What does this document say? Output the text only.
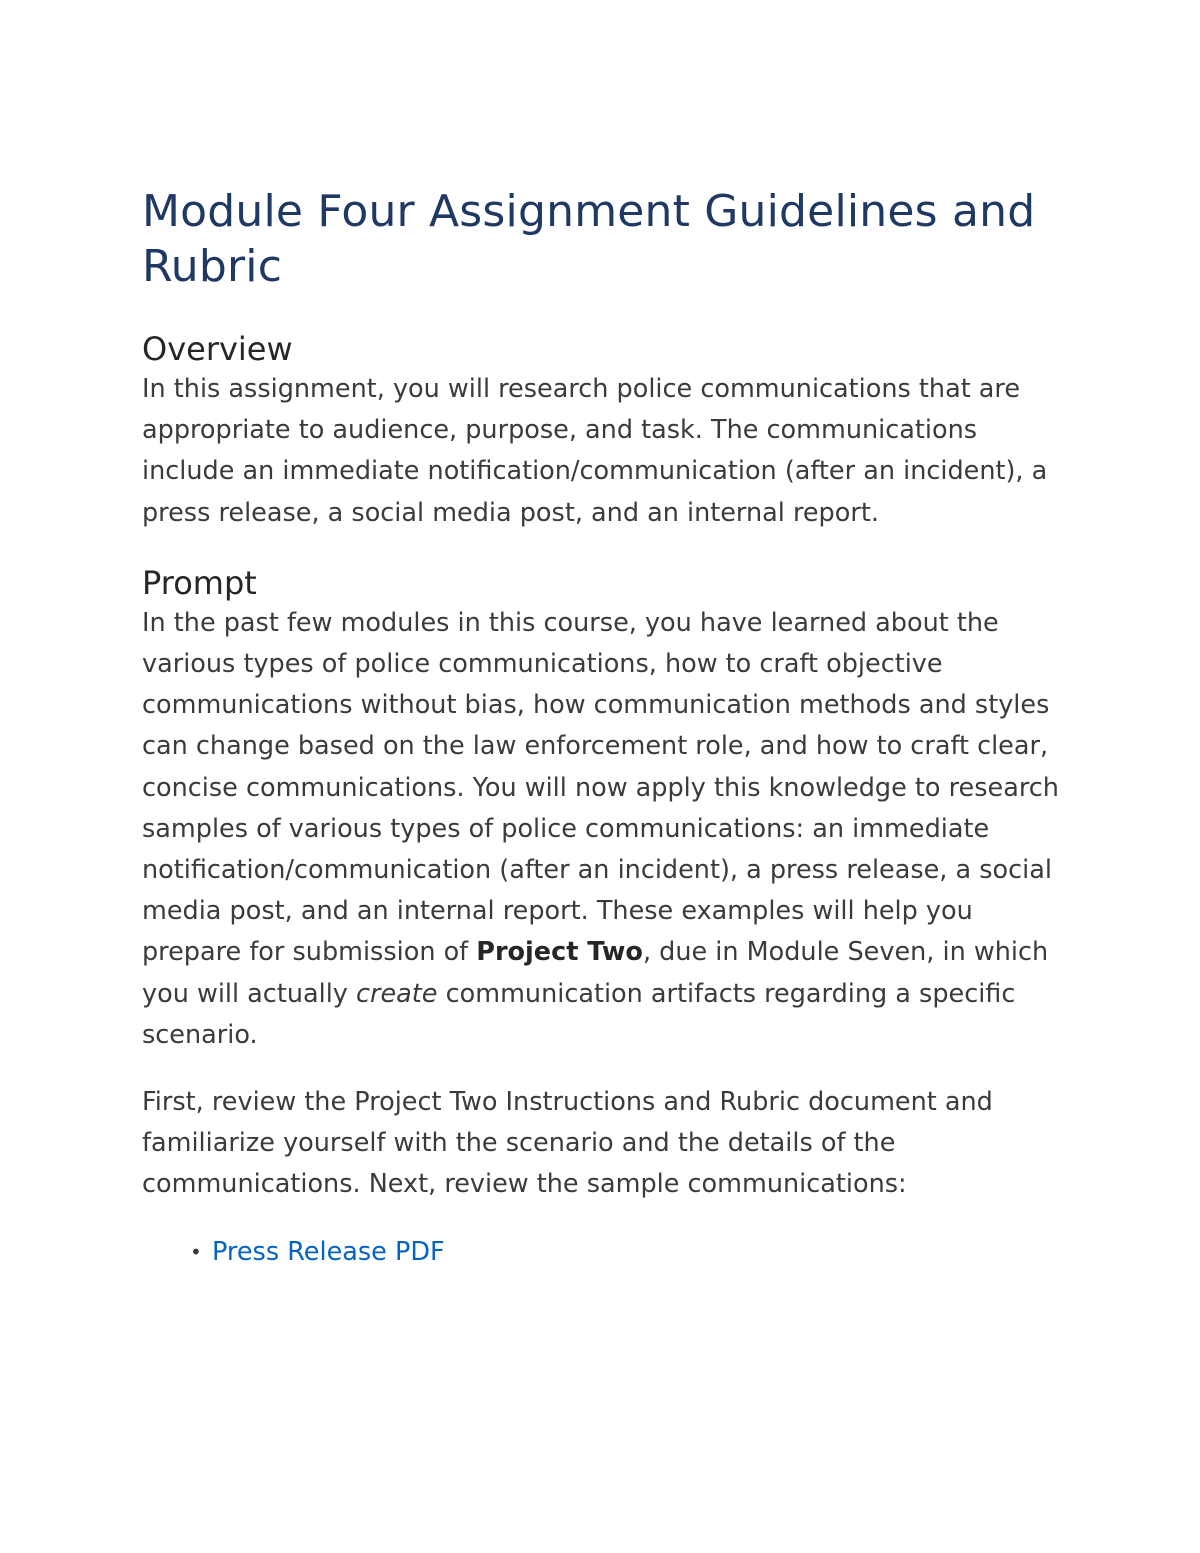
Module Four Assignment Guidelines and Rubric
Overview

In this assignment, you will research police communications that are appropriate to audience, purpose, and task. The communications include an immediate notification/communication (after an incident), a press release, a social media post, and an internal report.

Prompt

In the past few modules in this course, you have learned about the various types of police communications, how to craft objective communications without bias, how communication methods and styles can change based on the law enforcement role, and how to craft clear, concise communications. You will now apply this knowledge to research samples of various types of police communications: an immediate notification/communication (after an incident), a press release, a social media post, and an internal report. These examples will help you prepare for submission of Project Two, due in Module Seven, in which you will actually create communication artifacts regarding a specific scenario.

First, review the Project Two Instructions and Rubric document and familiarize yourself with the scenario and the details of the communications. Next, review the sample communications:

• Press Release PDF
